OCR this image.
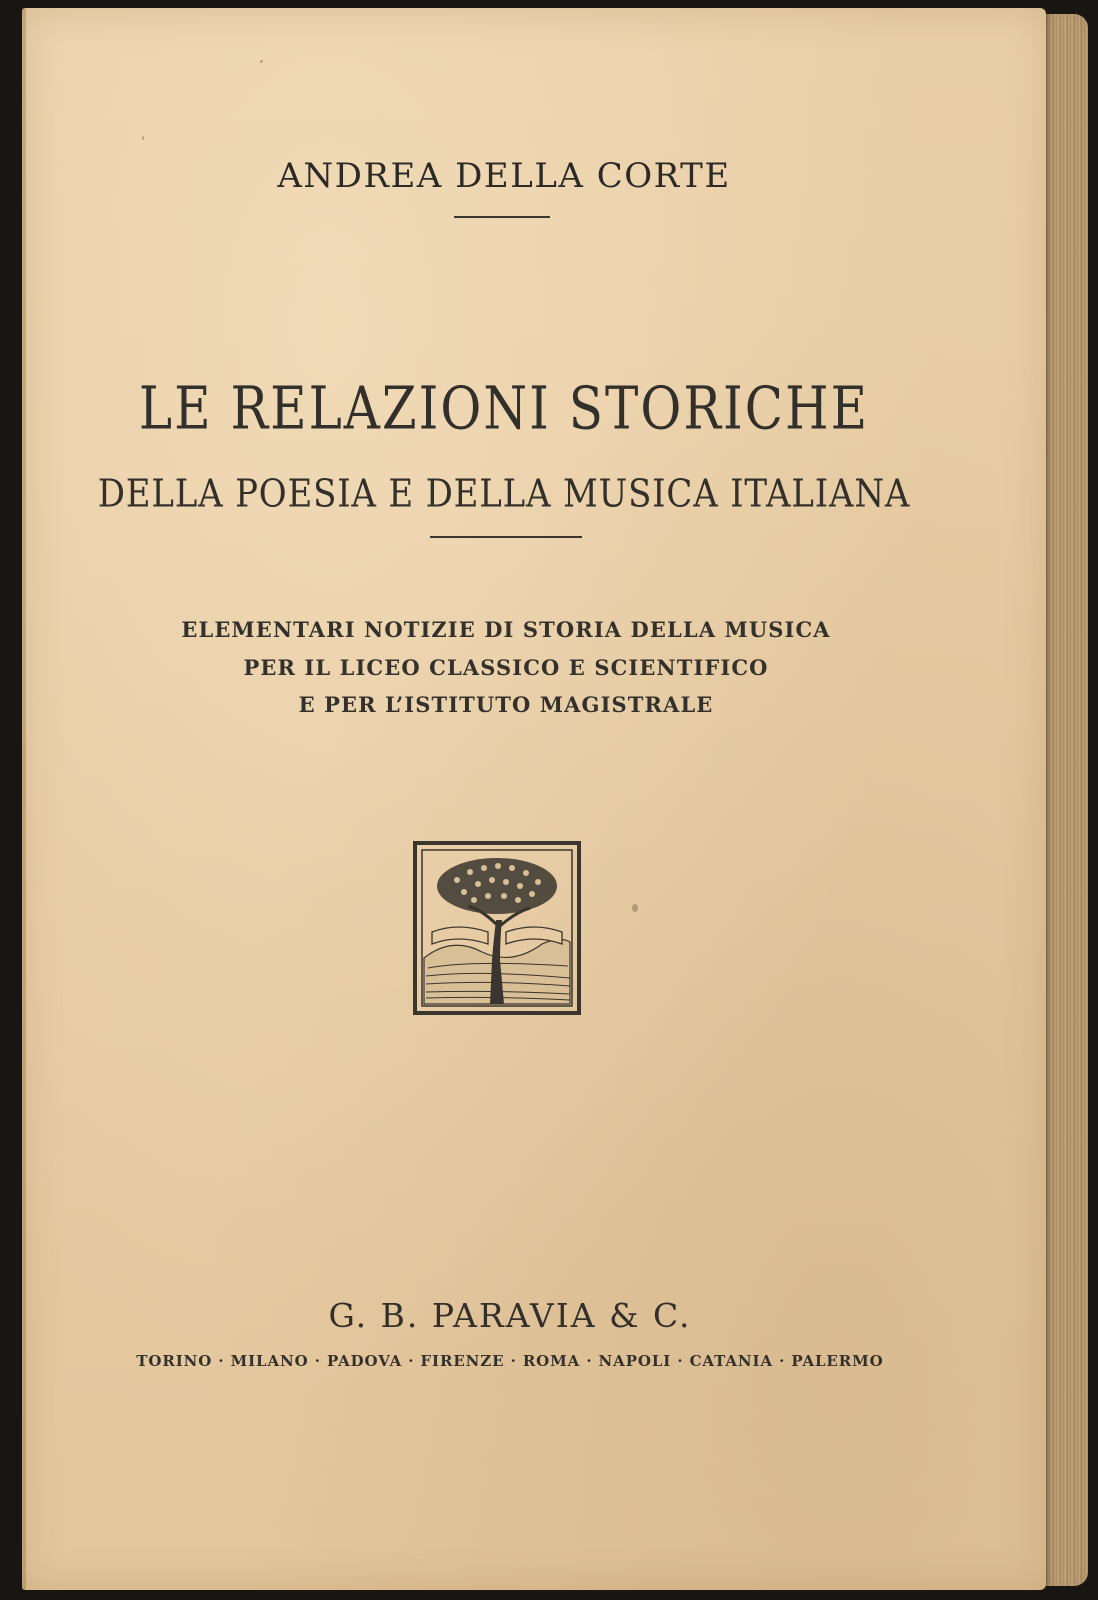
ANDREA DELLA CORTE
LE RELAZIONI STORICHE
DELLA POESIA E DELLA MUSICA ITALIANA
ELEMENTARI NOTIZIE DI STORIA DELLA MUSICA
PER IL LICEO CLASSICO E SCIENTIFICO
E PER L’ISTITUTO MAGISTRALE
G. B. PARAVIA & C.
TORINO · MILANO · PADOVA · FIRENZE · ROMA · NAPOLI · CATANIA · PALERMO
